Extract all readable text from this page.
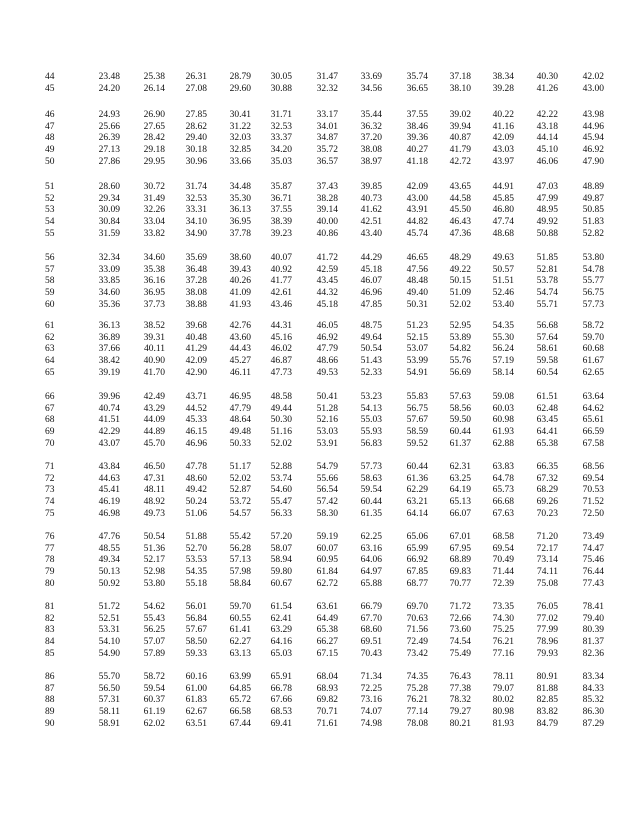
44	23.48	25.38	26.31	28.79	30.05	31.47	33.69	35.74	37.18	38.34	40.30	42.02
45	24.20	26.14	27.08	29.60	30.88	32.32	34.56	36.65	38.10	39.28	41.26	43.00
46	24.93	26.90	27.85	30.41	31.71	33.17	35.44	37.55	39.02	40.22	42.22	43.98
47	25.66	27.65	28.62	31.22	32.53	34.01	36.32	38.46	39.94	41.16	43.18	44.96
48	26.39	28.42	29.40	32.03	33.37	34.87	37.20	39.36	40.87	42.09	44.14	45.94
49	27.13	29.18	30.18	32.85	34.20	35.72	38.08	40.27	41.79	43.03	45.10	46.92
50	27.86	29.95	30.96	33.66	35.03	36.57	38.97	41.18	42.72	43.97	46.06	47.90
51	28.60	30.72	31.74	34.48	35.87	37.43	39.85	42.09	43.65	44.91	47.03	48.89
52	29.34	31.49	32.53	35.30	36.71	38.28	40.73	43.00	44.58	45.85	47.99	49.87
53	30.09	32.26	33.31	36.13	37.55	39.14	41.62	43.91	45.50	46.80	48.95	50.85
54	30.84	33.04	34.10	36.95	38.39	40.00	42.51	44.82	46.43	47.74	49.92	51.83
55	31.59	33.82	34.90	37.78	39.23	40.86	43.40	45.74	47.36	48.68	50.88	52.82
56	32.34	34.60	35.69	38.60	40.07	41.72	44.29	46.65	48.29	49.63	51.85	53.80
57	33.09	35.38	36.48	39.43	40.92	42.59	45.18	47.56	49.22	50.57	52.81	54.78
58	33.85	36.16	37.28	40.26	41.77	43.45	46.07	48.48	50.15	51.51	53.78	55.77
59	34.60	36.95	38.08	41.09	42.61	44.32	46.96	49.40	51.09	52.46	54.74	56.75
60	35.36	37.73	38.88	41.93	43.46	45.18	47.85	50.31	52.02	53.40	55.71	57.73
61	36.13	38.52	39.68	42.76	44.31	46.05	48.75	51.23	52.95	54.35	56.68	58.72
62	36.89	39.31	40.48	43.60	45.16	46.92	49.64	52.15	53.89	55.30	57.64	59.70
63	37.66	40.11	41.29	44.43	46.02	47.79	50.54	53.07	54.82	56.24	58.61	60.68
64	38.42	40.90	42.09	45.27	46.87	48.66	51.43	53.99	55.76	57.19	59.58	61.67
65	39.19	41.70	42.90	46.11	47.73	49.53	52.33	54.91	56.69	58.14	60.54	62.65
66	39.96	42.49	43.71	46.95	48.58	50.41	53.23	55.83	57.63	59.08	61.51	63.64
67	40.74	43.29	44.52	47.79	49.44	51.28	54.13	56.75	58.56	60.03	62.48	64.62
68	41.51	44.09	45.33	48.64	50.30	52.16	55.03	57.67	59.50	60.98	63.45	65.61
69	42.29	44.89	46.15	49.48	51.16	53.03	55.93	58.59	60.44	61.93	64.41	66.59
70	43.07	45.70	46.96	50.33	52.02	53.91	56.83	59.52	61.37	62.88	65.38	67.58
71	43.84	46.50	47.78	51.17	52.88	54.79	57.73	60.44	62.31	63.83	66.35	68.56
72	44.63	47.31	48.60	52.02	53.74	55.66	58.63	61.36	63.25	64.78	67.32	69.54
73	45.41	48.11	49.42	52.87	54.60	56.54	59.54	62.29	64.19	65.73	68.29	70.53
74	46.19	48.92	50.24	53.72	55.47	57.42	60.44	63.21	65.13	66.68	69.26	71.52
75	46.98	49.73	51.06	54.57	56.33	58.30	61.35	64.14	66.07	67.63	70.23	72.50
76	47.76	50.54	51.88	55.42	57.20	59.19	62.25	65.06	67.01	68.58	71.20	73.49
77	48.55	51.36	52.70	56.28	58.07	60.07	63.16	65.99	67.95	69.54	72.17	74.47
78	49.34	52.17	53.53	57.13	58.94	60.95	64.06	66.92	68.89	70.49	73.14	75.46
79	50.13	52.98	54.35	57.98	59.80	61.84	64.97	67.85	69.83	71.44	74.11	76.44
80	50.92	53.80	55.18	58.84	60.67	62.72	65.88	68.77	70.77	72.39	75.08	77.43
81	51.72	54.62	56.01	59.70	61.54	63.61	66.79	69.70	71.72	73.35	76.05	78.41
82	52.51	55.43	56.84	60.55	62.41	64.49	67.70	70.63	72.66	74.30	77.02	79.40
83	53.31	56.25	57.67	61.41	63.29	65.38	68.60	71.56	73.60	75.25	77.99	80.39
84	54.10	57.07	58.50	62.27	64.16	66.27	69.51	72.49	74.54	76.21	78.96	81.37
85	54.90	57.89	59.33	63.13	65.03	67.15	70.43	73.42	75.49	77.16	79.93	82.36
86	55.70	58.72	60.16	63.99	65.91	68.04	71.34	74.35	76.43	78.11	80.91	83.34
87	56.50	59.54	61.00	64.85	66.78	68.93	72.25	75.28	77.38	79.07	81.88	84.33
88	57.31	60.37	61.83	65.72	67.66	69.82	73.16	76.21	78.32	80.02	82.85	85.32
89	58.11	61.19	62.67	66.58	68.53	70.71	74.07	77.14	79.27	80.98	83.82	86.30
90	58.91	62.02	63.51	67.44	69.41	71.61	74.98	78.08	80.21	81.93	84.79	87.29
